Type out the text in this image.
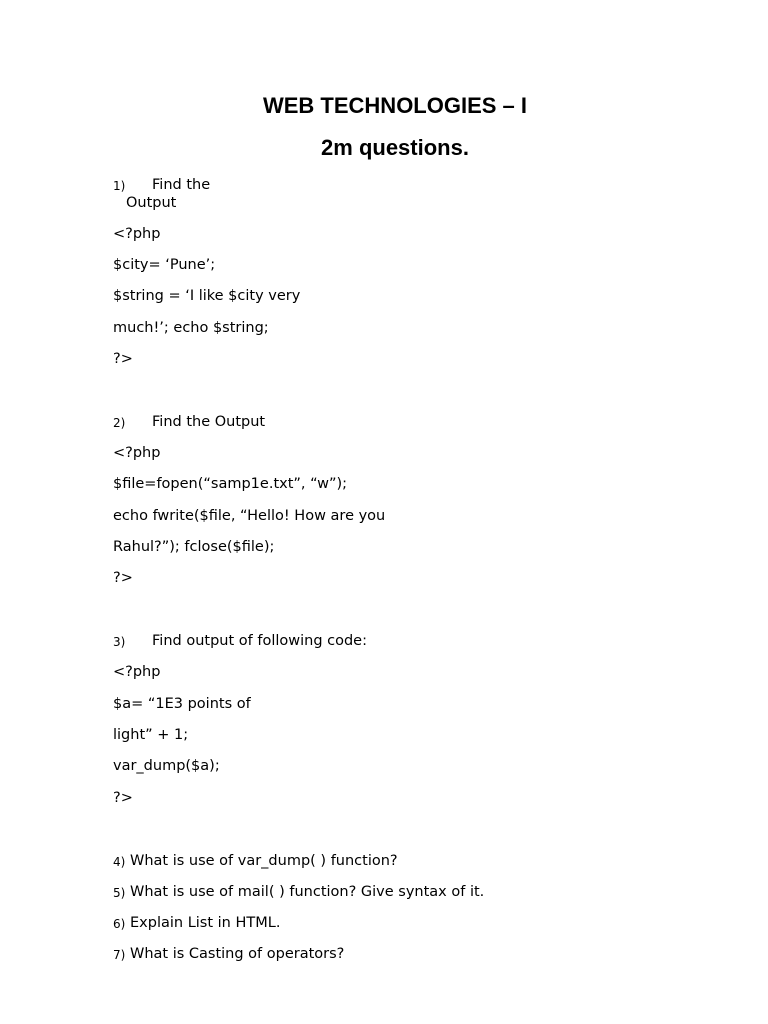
WEB TECHNOLOGIES – I
2m questions.
1) Find the
Output
<?php
$city= ‘Pune’;
$string = ‘I like $city very
much!’; echo $string;
?>
2) Find the Output
<?php
$file=fopen(“samp1e.txt”, “w”);
echo fwrite($file, “Hello! How are you
Rahul?”); fclose($file);
?>
3) Find output of following code:
<?php
$a= “1E3 points of
light” + 1;
var_dump($a);
?>
4) What is use of var_dump( ) function?
5) What is use of mail( ) function? Give syntax of it.
6) Explain List in HTML.
7) What is Casting of operators?
